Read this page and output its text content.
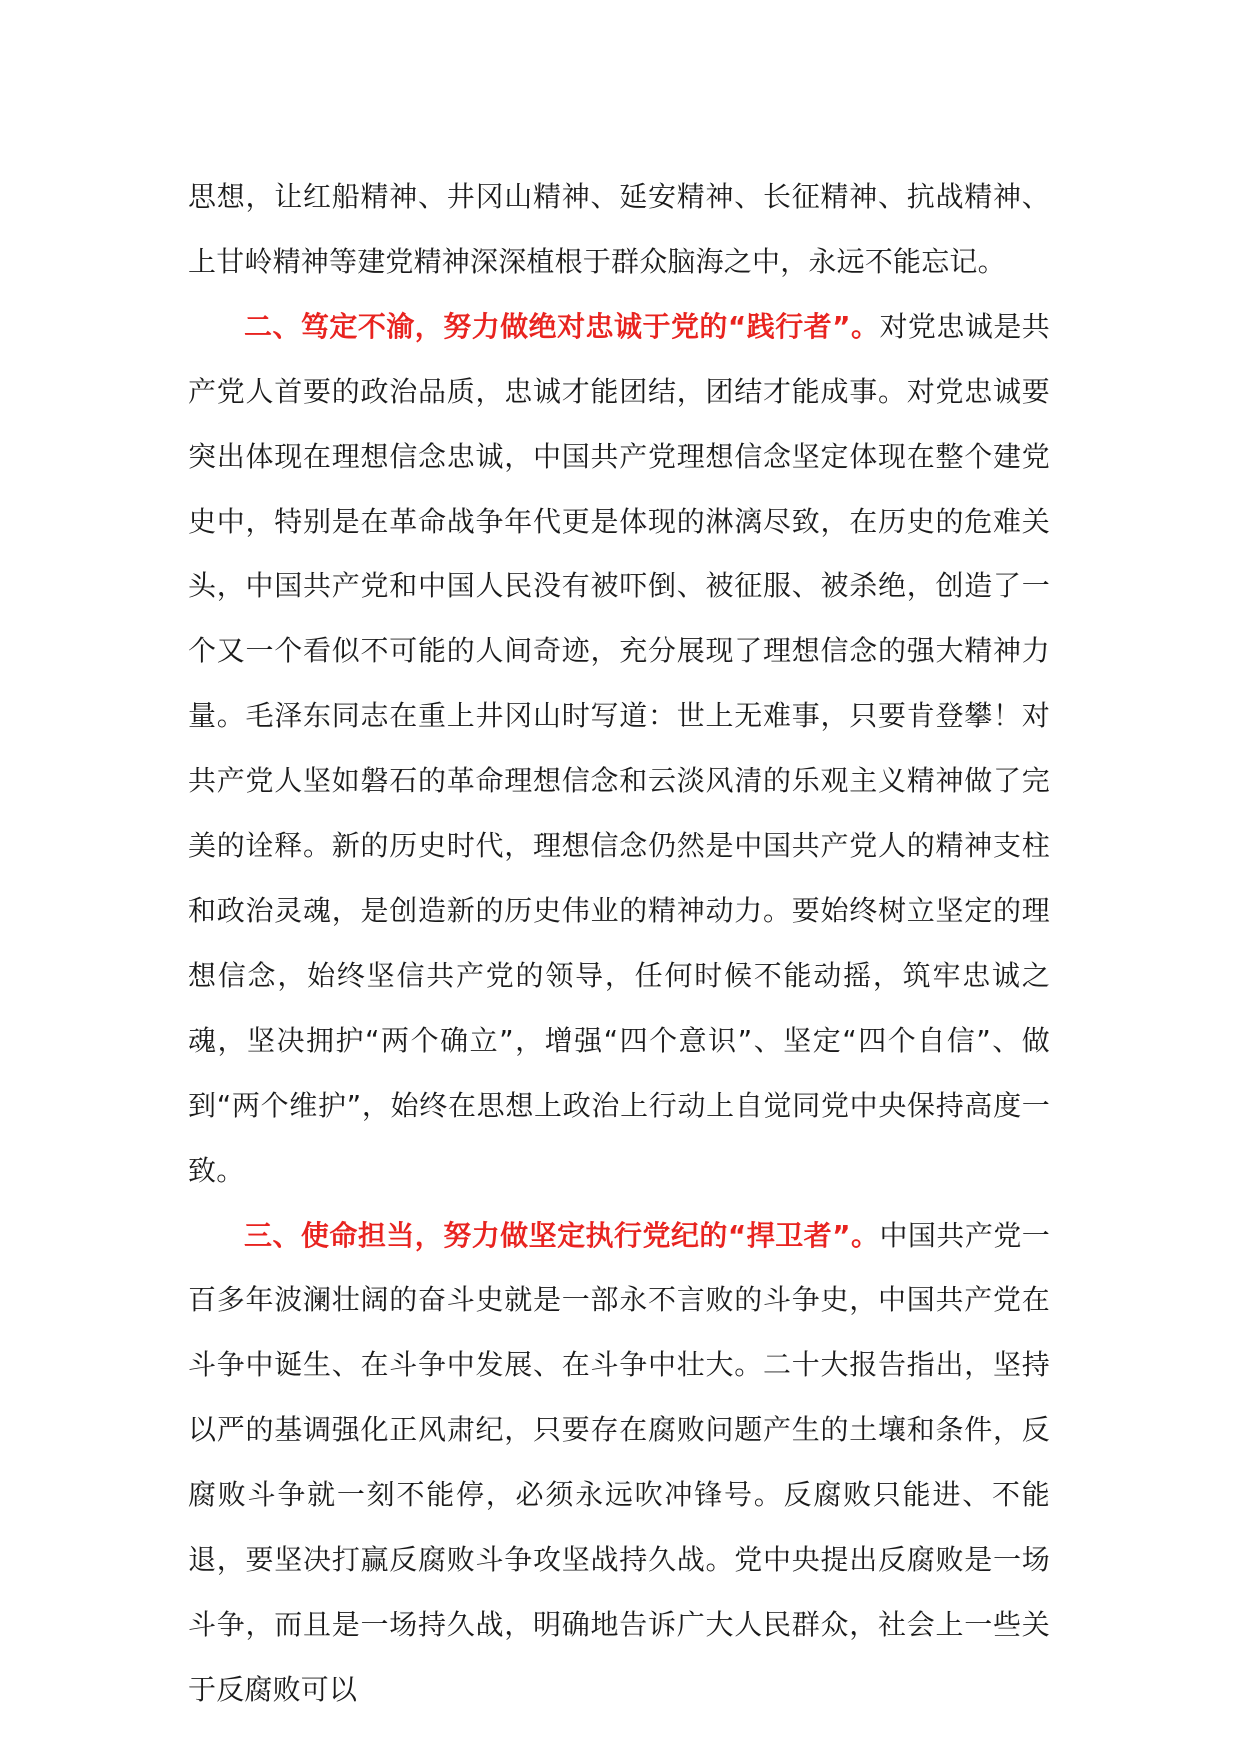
思想，让红船精神、井冈山精神、延安精神、长征精神、抗战精神、上甘岭精神等建党精神深深植根于群众脑海之中，永远不能忘记。

二、笃定不渝，努力做绝对忠诚于党的“践行者”。对党忠诚是共产党人首要的政治品质，忠诚才能团结，团结才能成事。对党忠诚要突出体现在理想信念忠诚，中国共产党理想信念坚定体现在整个建党史中，特别是在革命战争年代更是体现的淋漓尽致，在历史的危难关头，中国共产党和中国人民没有被吓倒、被征服、被杀绝，创造了一个又一个看似不可能的人间奇迹，充分展现了理想信念的强大精神力量。毛泽东同志在重上井冈山时写道：世上无难事，只要肯登攀！对共产党人坚如磐石的革命理想信念和云淡风清的乐观主义精神做了完美的诠释。新的历史时代，理想信念仍然是中国共产党人的精神支柱和政治灵魂，是创造新的历史伟业的精神动力。要始终树立坚定的理想信念，始终坚信共产党的领导，任何时候不能动摇，筑牢忠诚之魂，坚决拥护“两个确立”，增强“四个意识”、坚定“四个自信”、做到“两个维护”，始终在思想上政治上行动上自觉同党中央保持高度一致。

三、使命担当，努力做坚定执行党纪的“捍卫者”。中国共产党一百多年波澜壮阔的奋斗史就是一部永不言败的斗争史，中国共产党在斗争中诞生、在斗争中发展、在斗争中壮大。二十大报告指出，坚持以严的基调强化正风肃纪，只要存在腐败问题产生的土壤和条件，反腐败斗争就一刻不能停，必须永远吹冲锋号。反腐败只能进、不能退，要坚决打赢反腐败斗争攻坚战持久战。党中央提出反腐败是一场斗争，而且是一场持久战，明确地告诉广大人民群众，社会上一些关于反腐败可以
